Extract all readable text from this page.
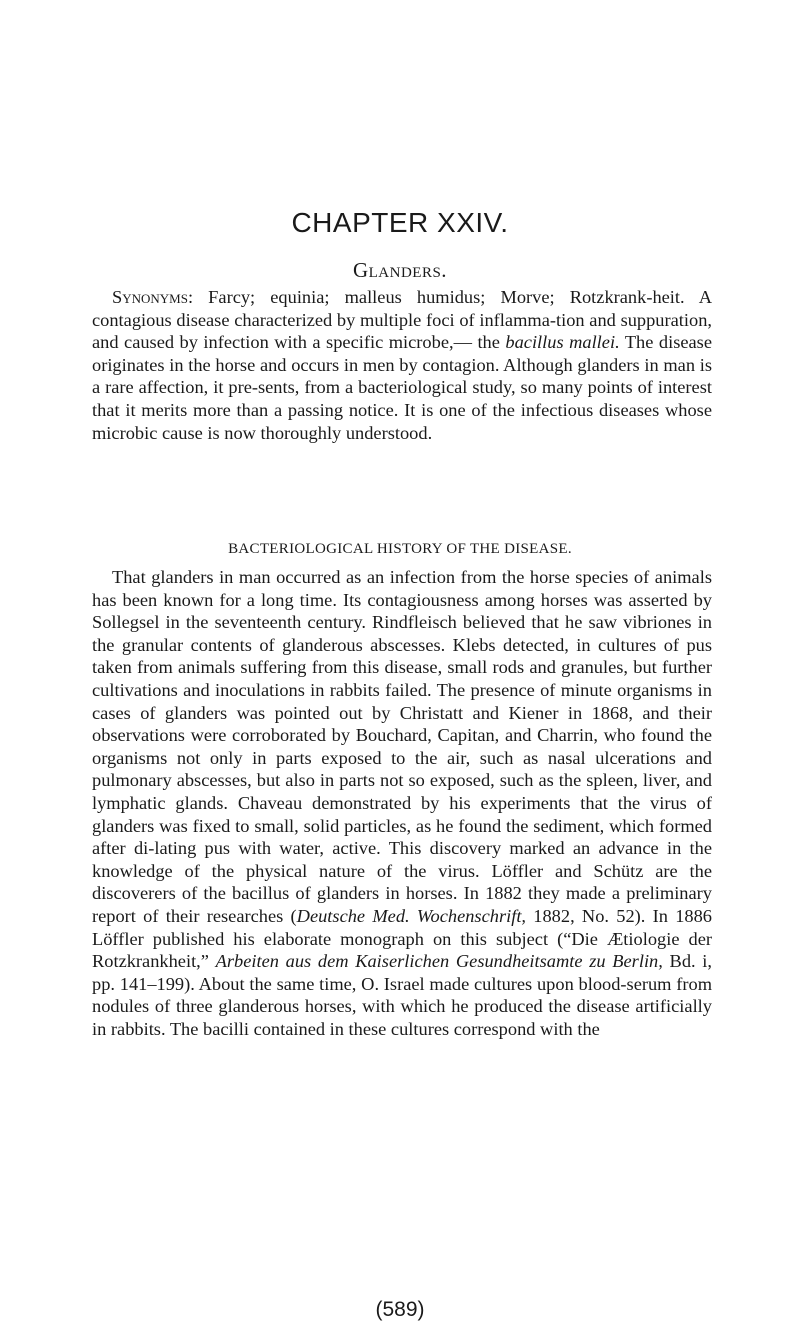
CHAPTER XXIV.
Glanders.
Synonyms: Farcy; equinia; malleus humidus; Morve; Rotzkrank-heit. A contagious disease characterized by multiple foci of inflamma-tion and suppuration, and caused by infection with a specific microbe,— the bacillus mallei. The disease originates in the horse and occurs in men by contagion. Although glanders in man is a rare affection, it pre-sents, from a bacteriological study, so many points of interest that it merits more than a passing notice. It is one of the infectious diseases whose microbic cause is now thoroughly understood.
BACTERIOLOGICAL HISTORY OF THE DISEASE.
That glanders in man occurred as an infection from the horse species of animals has been known for a long time. Its contagiousness among horses was asserted by Sollegsel in the seventeenth century. Rindfleisch believed that he saw vibriones in the granular contents of glanderous abscesses. Klebs detected, in cultures of pus taken from animals suffering from this disease, small rods and granules, but further cultivations and inoculations in rabbits failed. The presence of minute organisms in cases of glanders was pointed out by Christatt and Kiener in 1868, and their observations were corroborated by Bouchard, Capitan, and Charrin, who found the organisms not only in parts exposed to the air, such as nasal ulcerations and pulmonary abscesses, but also in parts not so exposed, such as the spleen, liver, and lymphatic glands. Chaveau demonstrated by his experiments that the virus of glanders was fixed to small, solid particles, as he found the sediment, which formed after di-lating pus with water, active. This discovery marked an advance in the knowledge of the physical nature of the virus. Löffler and Schütz are the discoverers of the bacillus of glanders in horses. In 1882 they made a preliminary report of their researches (Deutsche Med. Wochenschrift, 1882, No. 52). In 1886 Löffler published his elaborate monograph on this subject (“Die Ætiologie der Rotzkrankheit,” Arbeiten aus dem Kaiserlichen Gesundheitsamte zu Berlin, Bd. i, pp. 141–199). About the same time, O. Israel made cultures upon blood-serum from nodules of three glanderous horses, with which he produced the disease artificially in rabbits. The bacilli contained in these cultures correspond with the
(589)
